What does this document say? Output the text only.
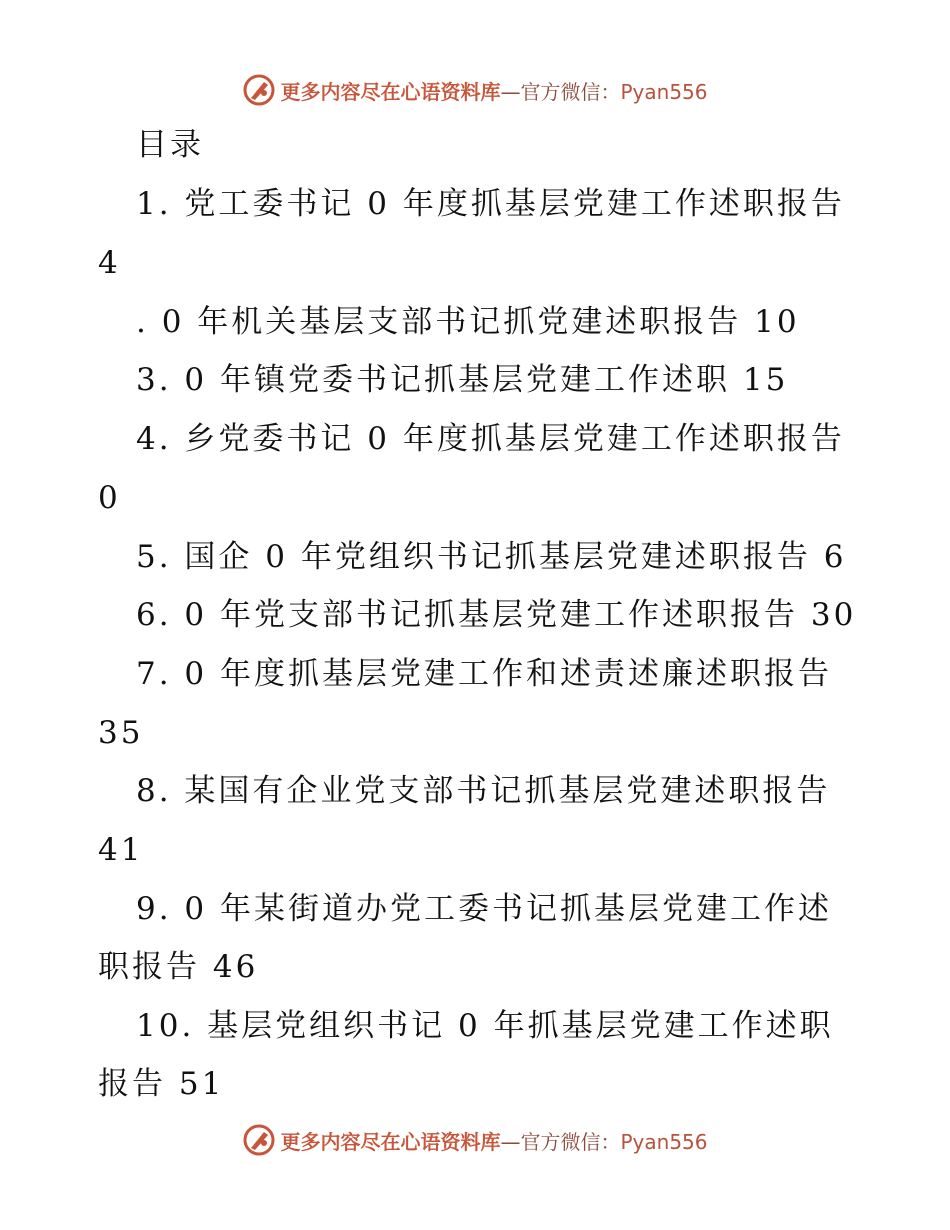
更多内容尽在心语资料库—官方微信：Pyan556
目录
1. 党工委书记 0 年度抓基层党建工作述职报告
4
. 0 年机关基层支部书记抓党建述职报告 10
3. 0 年镇党委书记抓基层党建工作述职 15
4. 乡党委书记 0 年度抓基层党建工作述职报告
0
5. 国企 0 年党组织书记抓基层党建述职报告 6
6. 0 年党支部书记抓基层党建工作述职报告 30
7. 0 年度抓基层党建工作和述责述廉述职报告
35
8. 某国有企业党支部书记抓基层党建述职报告
41
9. 0 年某街道办党工委书记抓基层党建工作述
职报告 46
10. 基层党组织书记 0 年抓基层党建工作述职
报告 51
更多内容尽在心语资料库—官方微信：Pyan556
